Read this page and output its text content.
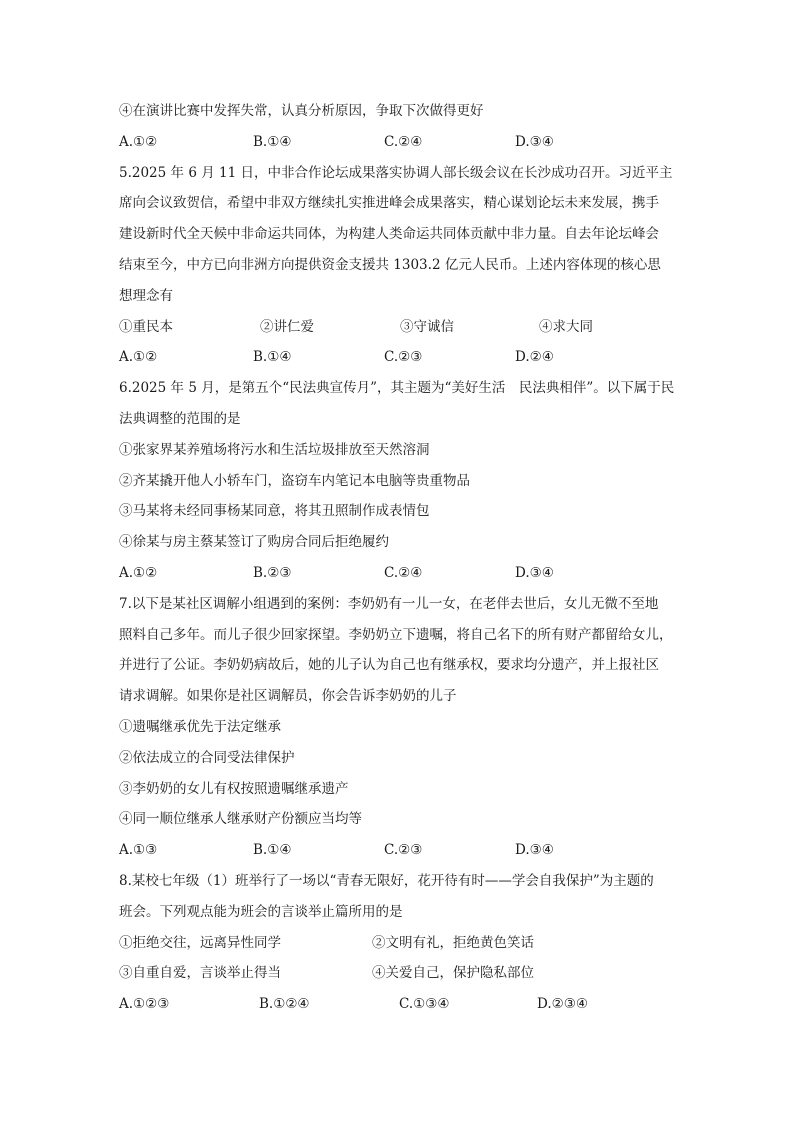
④在演讲比赛中发挥失常，认真分析原因，争取下次做得更好
A.①②	B.①④	C.②④	D.③④
5.2025 年 6 月 11 日，中非合作论坛成果落实协调人部长级会议在长沙成功召开。习近平主
席向会议致贺信，希望中非双方继续扎实推进峰会成果落实，精心谋划论坛未来发展，携手
建设新时代全天候中非命运共同体，为构建人类命运共同体贡献中非力量。自去年论坛峰会
结束至今，中方已向非洲方向提供资金支援共 1303.2 亿元人民币。上述内容体现的核心思
想理念有
①重民本	②讲仁爱	③守诚信	④求大同
A.①②	B.①④	C.②③	D.②④
6.2025 年 5 月，是第五个“民法典宣传月”，其主题为“美好生活　民法典相伴”。以下属于民
法典调整的范围的是
①张家界某养殖场将污水和生活垃圾排放至天然溶洞
②齐某撬开他人小轿车门，盗窃车内笔记本电脑等贵重物品
③马某将未经同事杨某同意，将其丑照制作成表情包
④徐某与房主蔡某签订了购房合同后拒绝履约
A.①②	B.②③	C.②④	D.③④
7.以下是某社区调解小组遇到的案例：李奶奶有一儿一女，在老伴去世后，女儿无微不至地
照料自己多年。而儿子很少回家探望。李奶奶立下遗嘱，将自己名下的所有财产都留给女儿，
并进行了公证。李奶奶病故后，她的儿子认为自己也有继承权，要求均分遗产，并上报社区
请求调解。如果你是社区调解员，你会告诉李奶奶的儿子
①遗嘱继承优先于法定继承
②依法成立的合同受法律保护
③李奶奶的女儿有权按照遗嘱继承遗产
④同一顺位继承人继承财产份额应当均等
A.①③	B.①④	C.②③	D.③④
8.某校七年级（1）班举行了一场以“青春无限好，花开待有时——学会自我保护”为主题的
班会。下列观点能为班会的言谈举止篇所用的是
①拒绝交往，远离异性同学	②文明有礼，拒绝黄色笑话
③自重自爱，言谈举止得当	④关爱自己，保护隐私部位
A.①②③	B.①②④	C.①③④	D.②③④
